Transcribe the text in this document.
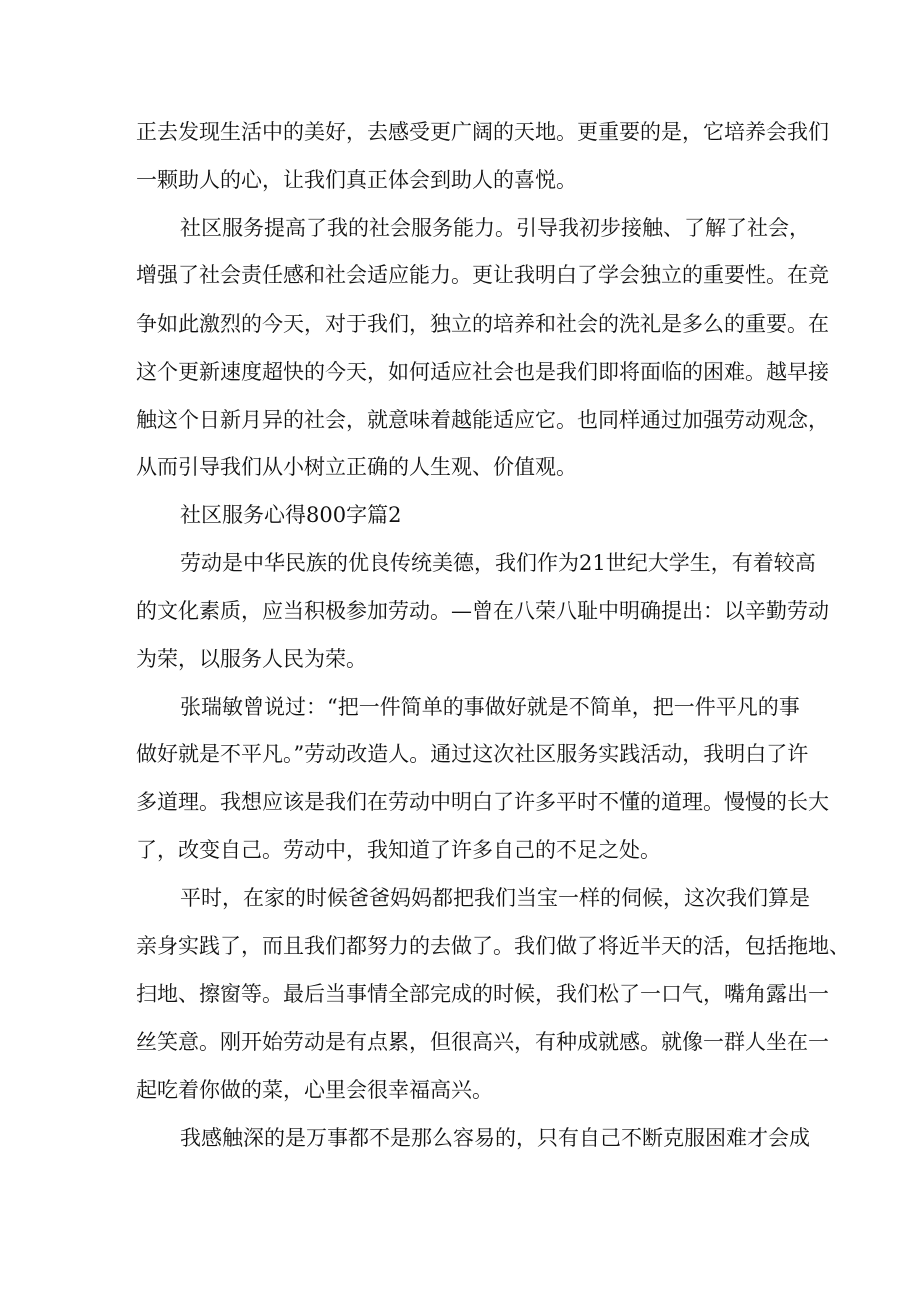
正去发现生活中的美好，去感受更广阔的天地。更重要的是，它培养会我们
一颗助人的心，让我们真正体会到助人的喜悦。
社区服务提高了我的社会服务能力。引导我初步接触、了解了社会，
增强了社会责任感和社会适应能力。更让我明白了学会独立的重要性。在竞
争如此激烈的今天，对于我们，独立的培养和社会的洗礼是多么的重要。在
这个更新速度超快的今天，如何适应社会也是我们即将面临的困难。越早接
触这个日新月异的社会，就意味着越能适应它。也同样通过加强劳动观念，
从而引导我们从小树立正确的人生观、价值观。
社区服务心得800字篇2
劳动是中华民族的优良传统美德，我们作为21世纪大学生，有着较高
的文化素质，应当积极参加劳动。—曾在八荣八耻中明确提出：以辛勤劳动
为荣，以服务人民为荣。
张瑞敏曾说过：“把一件简单的事做好就是不简单，把一件平凡的事
做好就是不平凡。”劳动改造人。通过这次社区服务实践活动，我明白了许
多道理。我想应该是我们在劳动中明白了许多平时不懂的道理。慢慢的长大
了，改变自己。劳动中，我知道了许多自己的不足之处。
平时，在家的时候爸爸妈妈都把我们当宝一样的伺候，这次我们算是
亲身实践了，而且我们都努力的去做了。我们做了将近半天的活，包括拖地、
扫地、擦窗等。最后当事情全部完成的时候，我们松了一口气，嘴角露出一
丝笑意。刚开始劳动是有点累，但很高兴，有种成就感。就像一群人坐在一
起吃着你做的菜，心里会很幸福高兴。
我感触深的是万事都不是那么容易的，只有自己不断克服困难才会成
